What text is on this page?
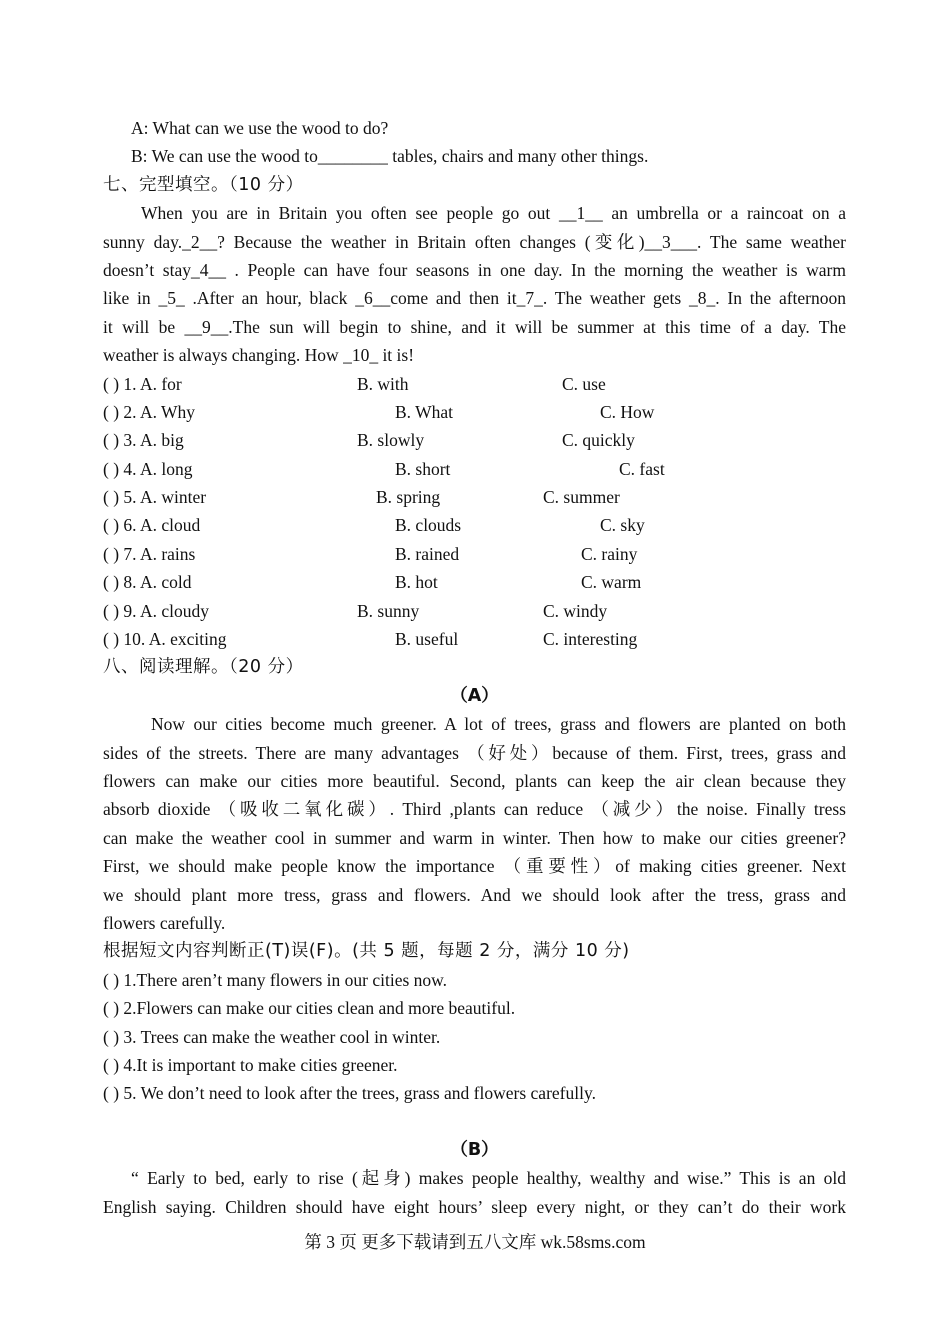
A: What can we use the wood to do?
B: We can use the wood to________ tables, chairs and many other things.
七、完型填空。（10 分）
When you are in Britain you often see people go out __1__ an umbrella or a raincoat on a
sunny day._2__? Because the weather in Britain often changes (变化)__3___. The same weather
doesn’t stay_4__ . People can have four seasons in one day. In the morning the weather is warm
like in _5_ .After an hour, black _6__come and then it_7_. The weather gets _8_. In the afternoon
it will be __9__.The sun will begin to shine, and it will be summer at this time of a day. The
weather is always changing. How _10_ it is!
( ) 1. A. for	B. with	C. use
( ) 2. A. Why	B. What	C. How
( ) 3. A. big	B. slowly	C. quickly
( ) 4. A. long	B. short	C. fast
( ) 5. A. winter	B. spring	C. summer
( ) 6. A. cloud	B. clouds	C. sky
( ) 7. A. rains	B. rained	C. rainy
( ) 8. A. cold	B. hot	C. warm
( ) 9. A. cloudy	B. sunny	C. windy
( ) 10. A. exciting	B. useful	C. interesting
八、阅读理解。（20 分）
（A）
Now our cities become much greener. A lot of trees, grass and flowers are planted on both
sides of the streets. There are many advantages （好处）because of them. First, trees, grass and
flowers can make our cities more beautiful. Second, plants can keep the air clean because they
absorb dioxide （吸收二氧化碳）. Third ,plants can reduce （减少）the noise. Finally tress
can make the weather cool in summer and warm in winter. Then how to make our cities greener?
First, we should make people know the importance （重要性）of making cities greener. Next
we should plant more tress, grass and flowers. And we should look after the tress, grass and
flowers carefully.
根据短文内容判断正(T)误(F)。(共 5 题，每题 2 分，满分 10 分)
( ) 1.There aren’t many flowers in our cities now.
( ) 2.Flowers can make our cities clean and more beautiful.
( ) 3. Trees can make the weather cool in winter.
( ) 4.It is important to make cities greener.
( ) 5. We don’t need to look after the trees, grass and flowers carefully.
（B）
“ Early to bed, early to rise (起身) makes people healthy, wealthy and wise.” This is an old
English saying. Children should have eight hours’ sleep every night, or they can’t do their work
第 3 页 更多下载请到五八文库 wk.58sms.com
